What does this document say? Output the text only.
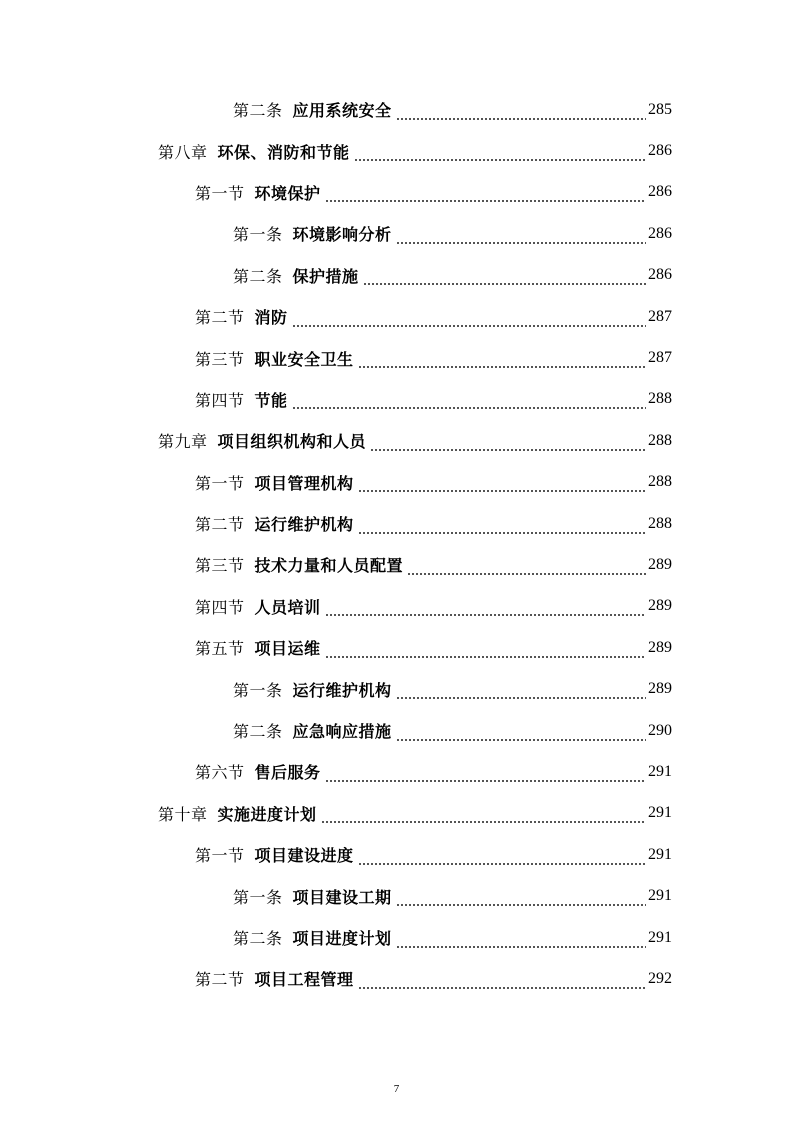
第二条 应用系统安全	285
第八章 环保、消防和节能	286
第一节 环境保护	286
第一条 环境影响分析	286
第二条 保护措施	286
第二节 消防	287
第三节 职业安全卫生	287
第四节 节能	288
第九章 项目组织机构和人员	288
第一节 项目管理机构	288
第二节 运行维护机构	288
第三节 技术力量和人员配置	289
第四节 人员培训	289
第五节 项目运维	289
第一条 运行维护机构	289
第二条 应急响应措施	290
第六节 售后服务	291
第十章 实施进度计划	291
第一节 项目建设进度	291
第一条 项目建设工期	291
第二条 项目进度计划	291
第二节 项目工程管理	292
7
